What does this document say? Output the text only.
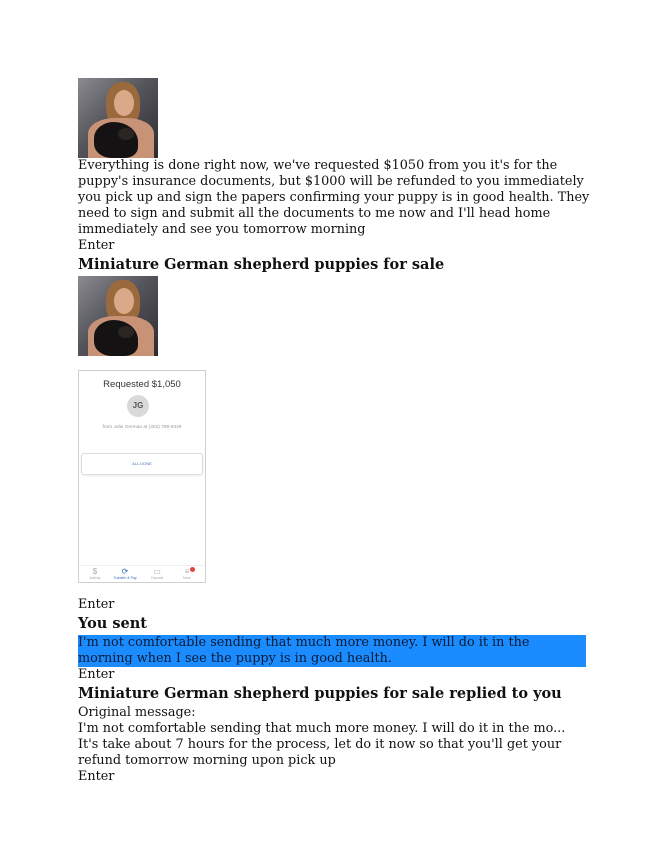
Everything is done right now, we've requested $1050 from you it's for the puppy's insurance documents, but $1000 will be refunded to you immediately you pick up and sign the papers confirming your puppy is in good health. They need to sign and submit all the documents to me now and I'll head home immediately and see you tomorrow morning

Enter

Miniature German shepherd puppies for sale

Requested $1,050
JG
from Julie German at (402) 769-9349
ALL DONE
$
Activity
⟳
Transfer & Pay
▭
Deposit
≡
More

Enter

You sent

I'm not comfortable sending that much more money. I will do it in the morning when I see the puppy is in good health.

Enter

Miniature German shepherd puppies for sale replied to you

Original message:

I'm not comfortable sending that much more money. I will do it in the mo...

It's take about 7 hours for the process, let do it now so that you'll get your refund tomorrow morning upon pick up

Enter
